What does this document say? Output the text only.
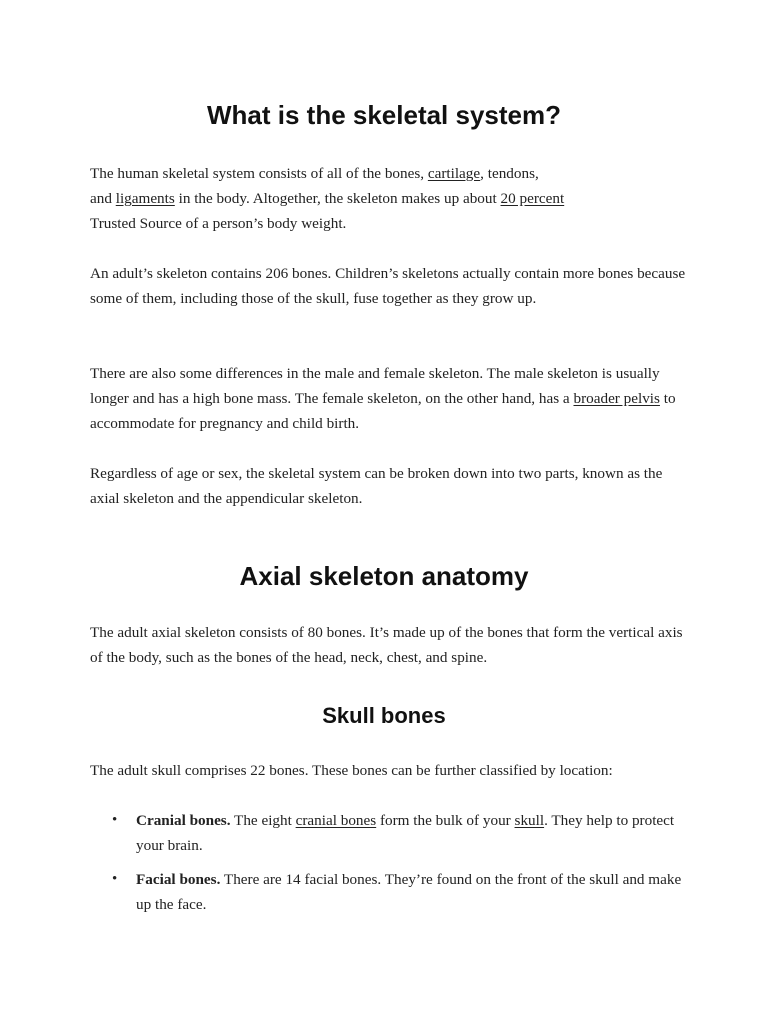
What is the skeletal system?

The human skeletal system consists of all of the bones, cartilage, tendons,
and ligaments in the body. Altogether, the skeleton makes up about 20 percent
Trusted Source of a person’s body weight.

An adult’s skeleton contains 206 bones. Children’s skeletons actually contain more bones because some of them, including those of the skull, fuse together as they grow up.

There are also some differences in the male and female skeleton. The male skeleton is usually longer and has a high bone mass. The female skeleton, on the other hand, has a broader pelvis to accommodate for pregnancy and child birth.

Regardless of age or sex, the skeletal system can be broken down into two parts, known as the axial skeleton and the appendicular skeleton.

Axial skeleton anatomy

The adult axial skeleton consists of 80 bones. It’s made up of the bones that form the vertical axis of the body, such as the bones of the head, neck, chest, and spine.

Skull bones

The adult skull comprises 22 bones. These bones can be further classified by location:

• Cranial bones. The eight cranial bones form the bulk of your skull. They help to protect your brain.
• Facial bones. There are 14 facial bones. They’re found on the front of the skull and make up the face.
